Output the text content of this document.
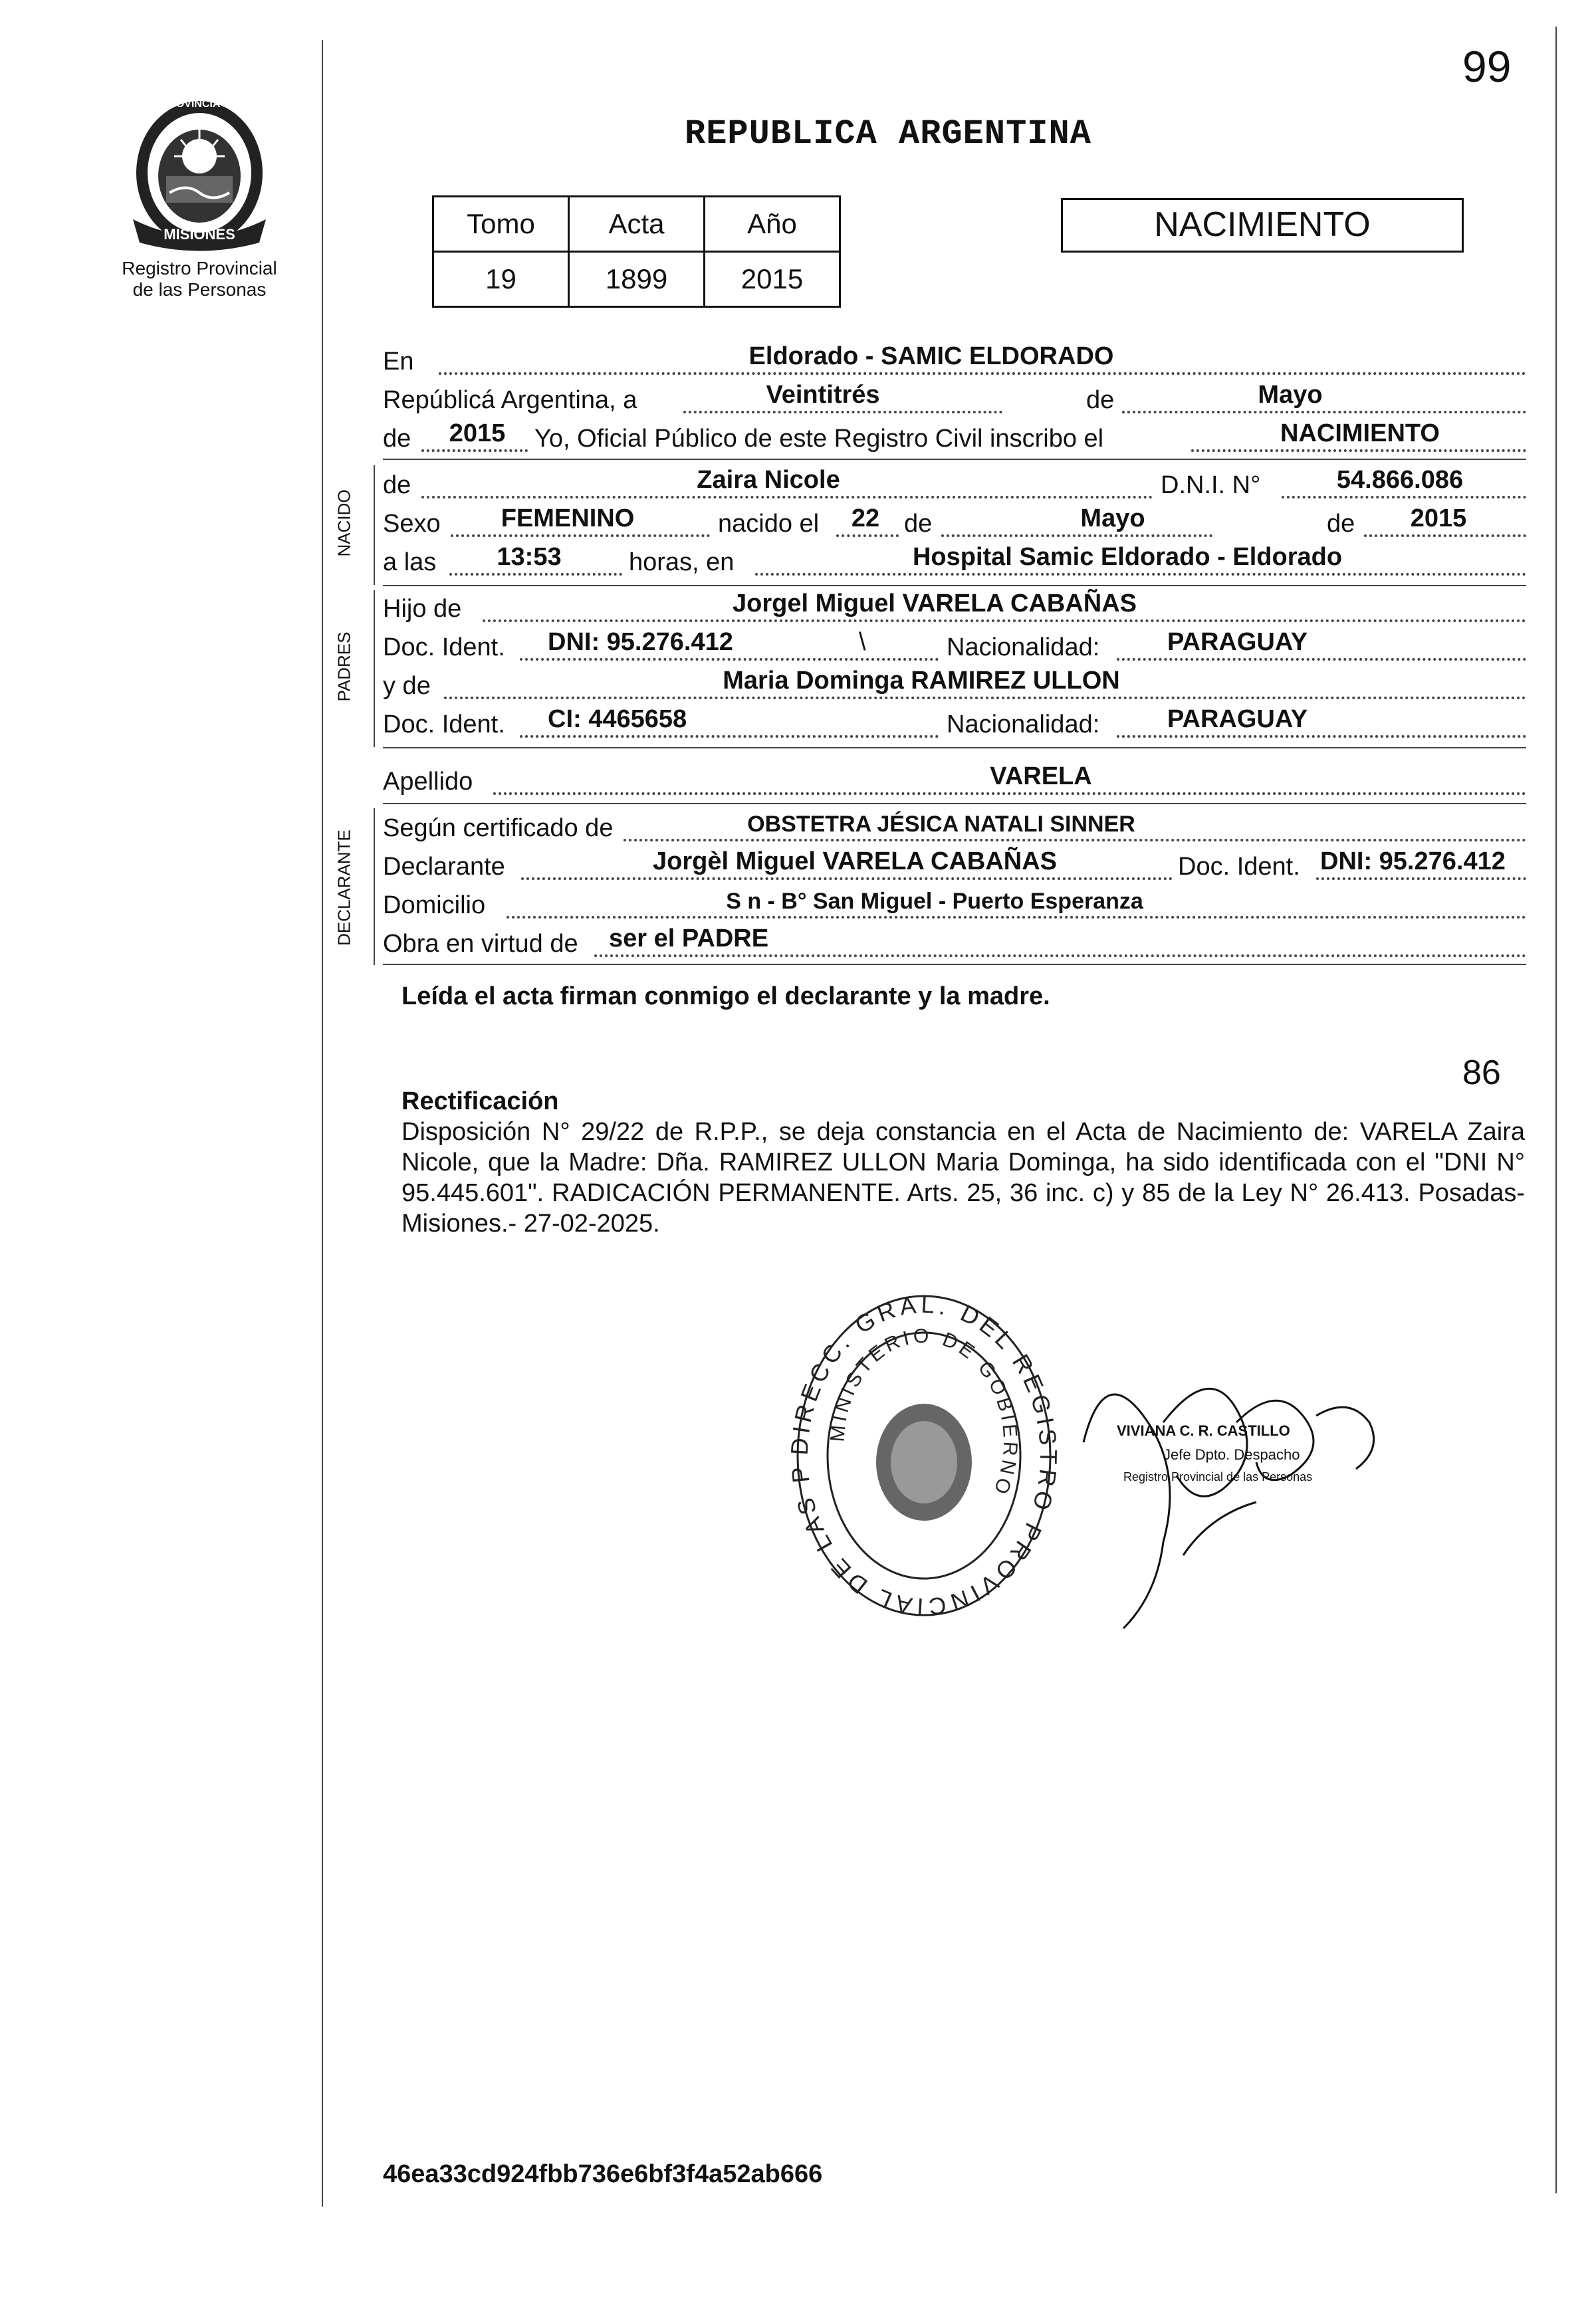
99
PROVINCIA DE
MISIONES
Registro Provincial
de las Personas
REPUBLICA ARGENTINA
Tomo	Acta	Año
19	1899	2015
NACIMIENTO
En	Eldorado - SAMIC ELDORADO
Repúblicá Argentina, a	Veintitrés	de	Mayo
de 2015 Yo, Oficial Público de este Registro Civil inscribo el	NACIMIENTO
NACIDO
de	Zaira Nicole	D.N.I. N°	54.866.086
Sexo FEMENINO	nacido el 22 de	Mayo	de 2015
a las 13:53	horas, en	Hospital Samic Eldorado - Eldorado
PADRES
Hijo de	Jorgel Miguel VARELA CABAÑAS
Doc. Ident. DNI: 95.276.412	\	Nacionalidad:	PARAGUAY
y de	Maria Dominga RAMIREZ ULLON
Doc. Ident. CI: 4465658	Nacionalidad:	PARAGUAY
Apellido	VARELA
DECLARANTE
Según certificado de	OBSTETRA JÉSICA NATALI SINNER
Declarante	Jorgèl Miguel VARELA CABAÑAS	Doc. Ident. DNI: 95.276.412
Domicilio	S n - B° San Miguel - Puerto Esperanza
Obra en virtud de ser el PADRE
Leída el acta firman conmigo el declarante y la madre.
86
Rectificación
Disposición N° 29/22 de R.P.P., se deja constancia en el Acta de Nacimiento de: VARELA Zaira Nicole, que la Madre: Dña. RAMIREZ ULLON Maria Dominga, ha sido identificada con el "DNI N° 95.445.601". RADICACIÓN PERMANENTE. Arts. 25, 36 inc. c) y 85 de la Ley N° 26.413. Posadas- Misiones.- 27-02-2025.
RECC. GRAL. DEL REG O PROVINCIAL DE LAS
MINISTERIO DE GOBIERNO
VIVIANA C. R. CASTILLO
Jefe Dpto. Despacho
Registro Provincial de las Personas
46ea33cd924fbb736e6bf3f4a52ab666
